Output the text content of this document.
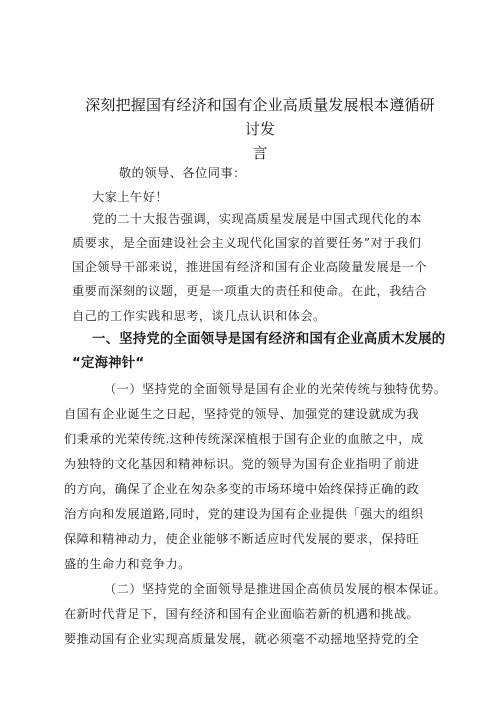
深刻把握国有经济和国有企业高质量发展根本遵循研讨发
言
敬的领导、各位同事：
大家上午好！
党的二十大报告强调，实现高质星发展是中国式现代化的本
质要求，是全面建设社会主义现代化国家的首要任务”对于我们
国企领导干部来说，推进国有经济和国有企业高陵量发展是一个
重要而深刻的议题，更是一项重大的责任和使命。在此，我结合
自己的工作实践和思考，谈几点认识和体会。
一、坚持党的全面领导是国有经济和国有企业高质木发展的
“定海神针“
（一）坚持党的全面领导是国有企业的光荣传统与独特优势。
自国有企业诞生之日起，坚持党的领导、加强党的建设就成为我
们秉承的光荣传统.这种传统深深植根于国有企业的血脓之中，成
为独特的文化基因和精神标识。党的领导为国有企业指明了前进
的方向，确保了企业在匆杂多变的市场环境中始终保持正确的政
治方向和发展道路,同时，党的建设为国有企业提供「强大的组织
保障和精神动力，使企业能够不断适应时代发展的要求，保持旺
盛的生命力和竞争力。
（二）坚持党的全面领导是推进国企高侦员发展的根本保证。
在新时代背足下，国有经济和国有企业面临若新的机遇和挑战。
要推动国有企业实现高质量发展，就必须毫不动摇地坚持党的全
